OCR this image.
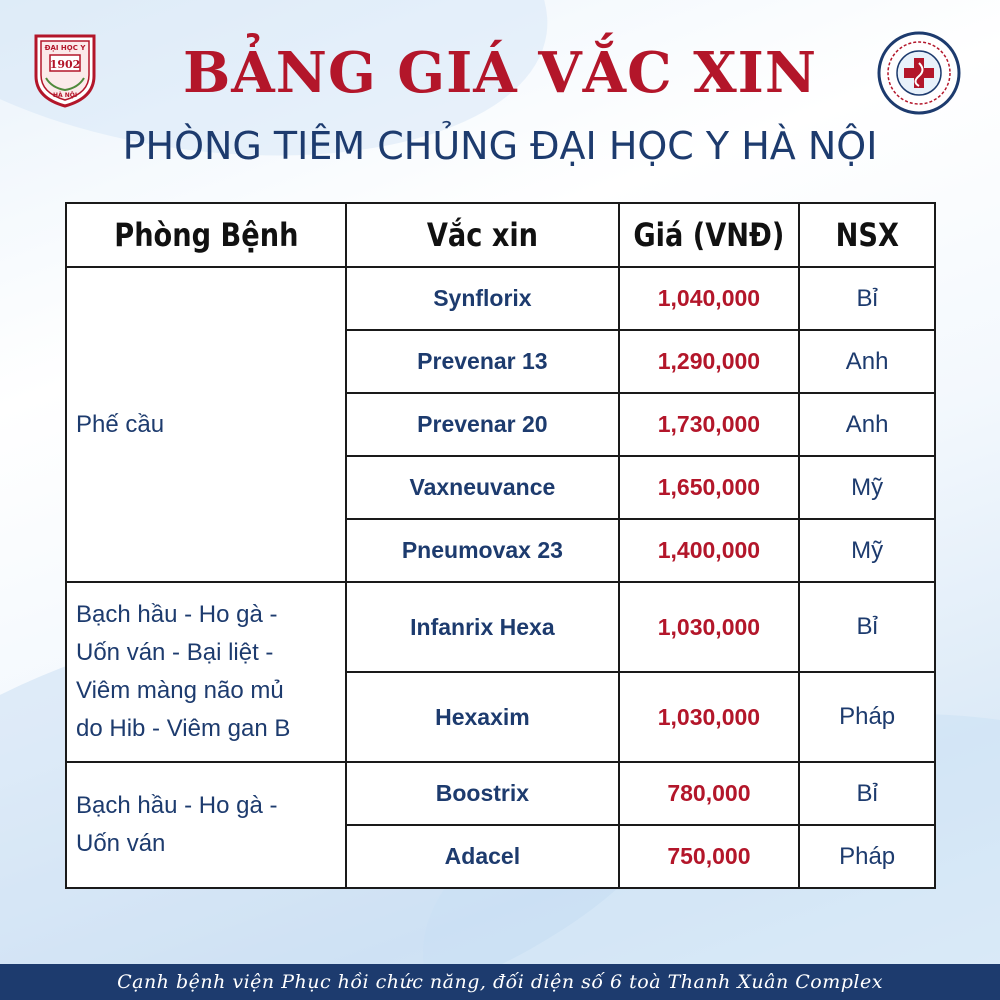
ĐẠI HỌC Y
1902
HÀ NỘI	BẢNG GIÁ VẮC XIN
PHÒNG TIÊM CHỦNG ĐẠI HỌC Y HÀ NỘI
Phòng Bệnh	Vắc xin	Giá (VNĐ)	NSX
Phế cầu	Synflorix	1,040,000	Bỉ
	Prevenar 13	1,290,000	Anh
	Prevenar 20	1,730,000	Anh
	Vaxneuvance	1,650,000	Mỹ
	Pneumovax 23	1,400,000	Mỹ

Bạch hầu - Ho gà -
Uốn ván - Bại liệt -
Viêm màng não mủ
do Hib - Viêm gan B	Infanrix Hexa	1,030,000	Bỉ
	Hexaxim	1,030,000	Pháp

Bạch hầu - Ho gà -
Uốn ván	Boostrix	780,000	Bỉ
	Adacel	750,000	Pháp
Cạnh bệnh viện Phục hồi chức năng, đối diện số 6 toà Thanh Xuân Complex
